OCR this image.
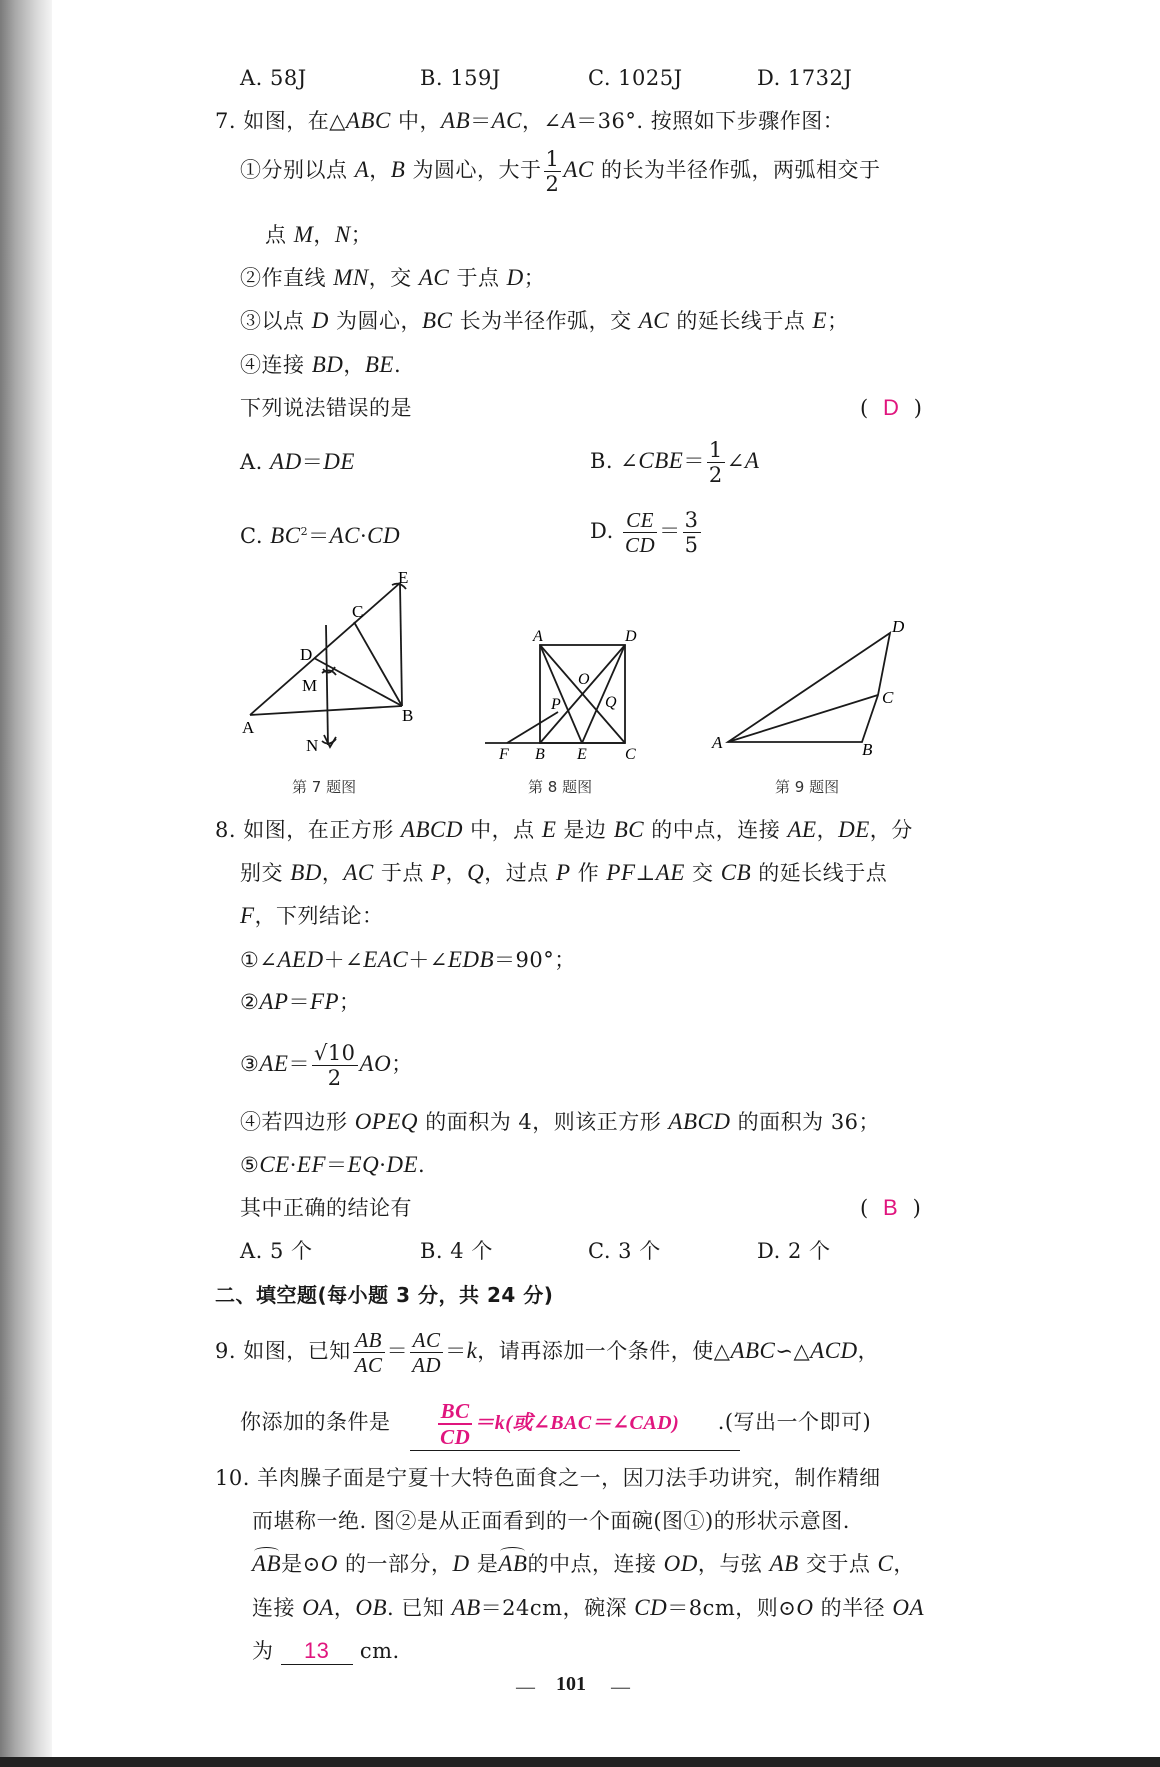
A. 58J	B. 159J	C. 1025J	D. 1732J
7. 如图，在△ABC 中，AB＝AC，∠A＝36°. 按照如下步骤作图：
①分别以点 A，B 为圆心，大于 $\frac{1}{2}$ AC 的长为半径作弧，两弧相交于
点 M，N；
②作直线 MN，交 AC 于点 D；
③以点 D 为圆心，BC 长为半径作弧，交 AC 的延长线于点 E；
④连接 BD，BE.
下列说法错误的是	(  D  )
A. AD＝DE	B. ∠CBE＝ $\frac{1}{2}$ ∠A
C. $BC^2=AC\cdot CD$	D. $\frac{CE}{CD} = \frac{3}{5}$
C
E
D
M
A
B
N
第 7 题图
A	D
O
Q
P
F B E C
第 8 题图
D
C
A	B
第 9 题图
8. 如图，在正方形 ABCD 中，点 E 是边 BC 的中点，连接 AE，DE，分
别交 BD，AC 于点 P，Q，过点 P 作 PF⊥AE 交 CB 的延长线于点
F，下列结论：
①∠AED＋∠EAC＋∠EDB＝90°；
②AP＝FP；
③AE＝ $\frac{√10}{2}$ AO；
④若四边形 OPEQ 的面积为 4，则该正方形 ABCD 的面积为 36；
⑤CE·EF＝EQ·DE.
其中正确的结论有	(  B  )
A. 5 个	B. 4 个	C. 3 个	D. 2 个
二、填空题(每小题 3 分，共 24 分)
9. 如图，已知 $\frac{AB}{AC} = \frac{AC}{AD} =k$，请再添加一个条件，使△ABC∽△ACD，
你添加的条件是 $\frac{BC}{CD} =k$(或∠BAC＝∠CAD) .(写出一个即可)
10. 羊肉臊子面是宁夏十大特色面食之一，因刀法手功讲究，制作精细
而堪称一绝. 图②是从正面看到的一个面碗(图①)的形状示意图.
AB是⊙O 的一部分，D 是AB的中点，连接 OD，与弦 AB 交于点 C，
连接 OA，OB. 已知 AB＝24cm，碗深 CD＝8cm，则⊙O 的半径 OA
为 13 cm.
— 101 —
